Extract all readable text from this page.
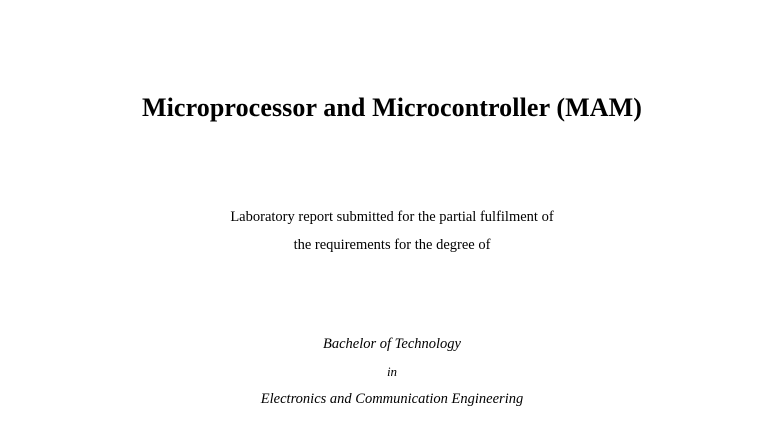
Microprocessor and Microcontroller (MAM)
Laboratory report submitted for the partial fulfilment of
the requirements for the degree of
Bachelor of Technology
in
Electronics and Communication Engineering
